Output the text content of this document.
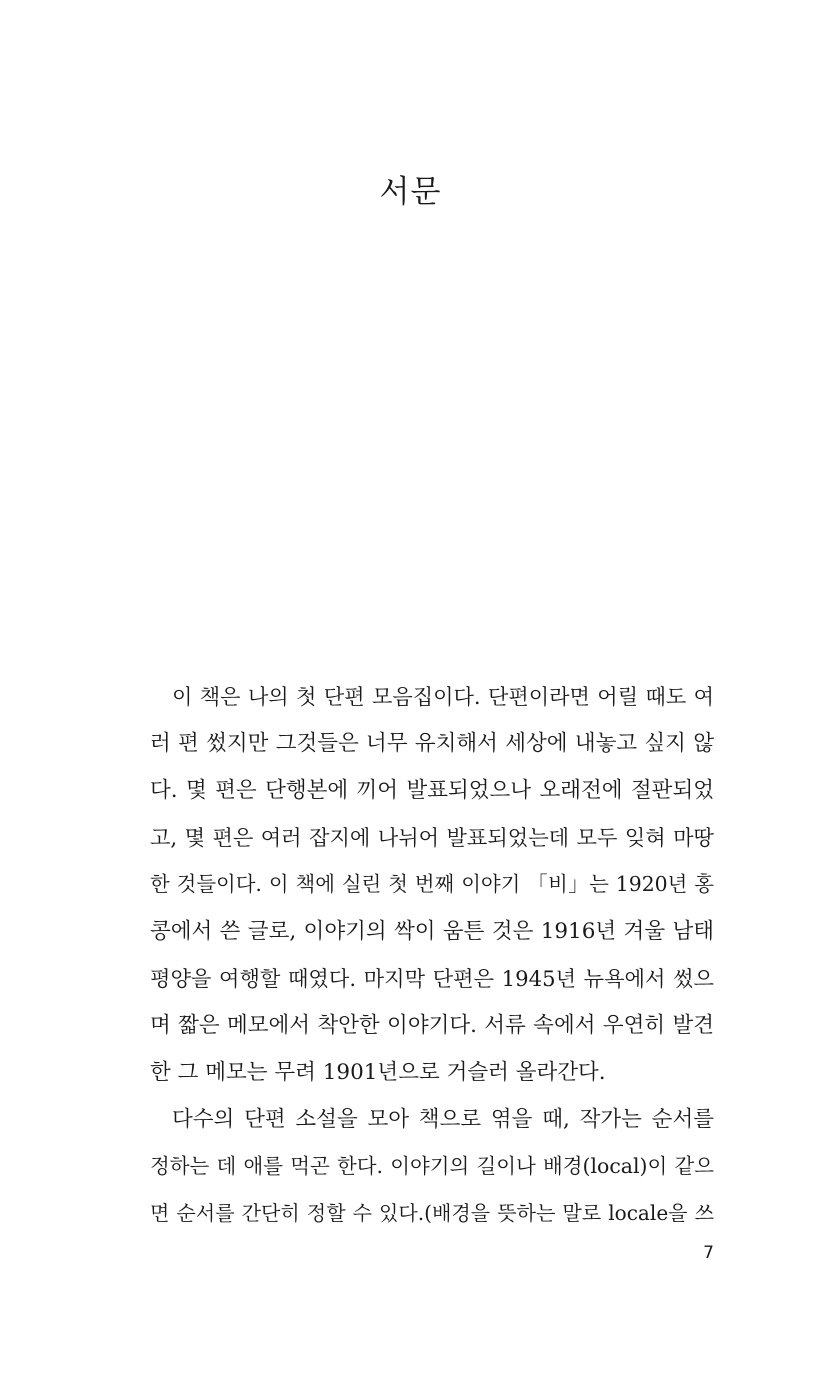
서문
이 책은 나의 첫 단편 모음집이다. 단편이라면 어릴 때도 여
러 편 썼지만 그것들은 너무 유치해서 세상에 내놓고 싶지 않
다. 몇 편은 단행본에 끼어 발표되었으나 오래전에 절판되었
고, 몇 편은 여러 잡지에 나뉘어 발표되었는데 모두 잊혀 마땅
한 것들이다. 이 책에 실린 첫 번째 이야기 「비」는 1920년 홍
콩에서 쓴 글로, 이야기의 싹이 움튼 것은 1916년 겨울 남태
평양을 여행할 때였다. 마지막 단편은 1945년 뉴욕에서 썼으
며 짧은 메모에서 착안한 이야기다. 서류 속에서 우연히 발견
한 그 메모는 무려 1901년으로 거슬러 올라간다.
다수의 단편 소설을 모아 책으로 엮을 때, 작가는 순서를
정하는 데 애를 먹곤 한다. 이야기의 길이나 배경(local)이 같으
면 순서를 간단히 정할 수 있다.(배경을 뜻하는 말로 locale을 쓰
7
